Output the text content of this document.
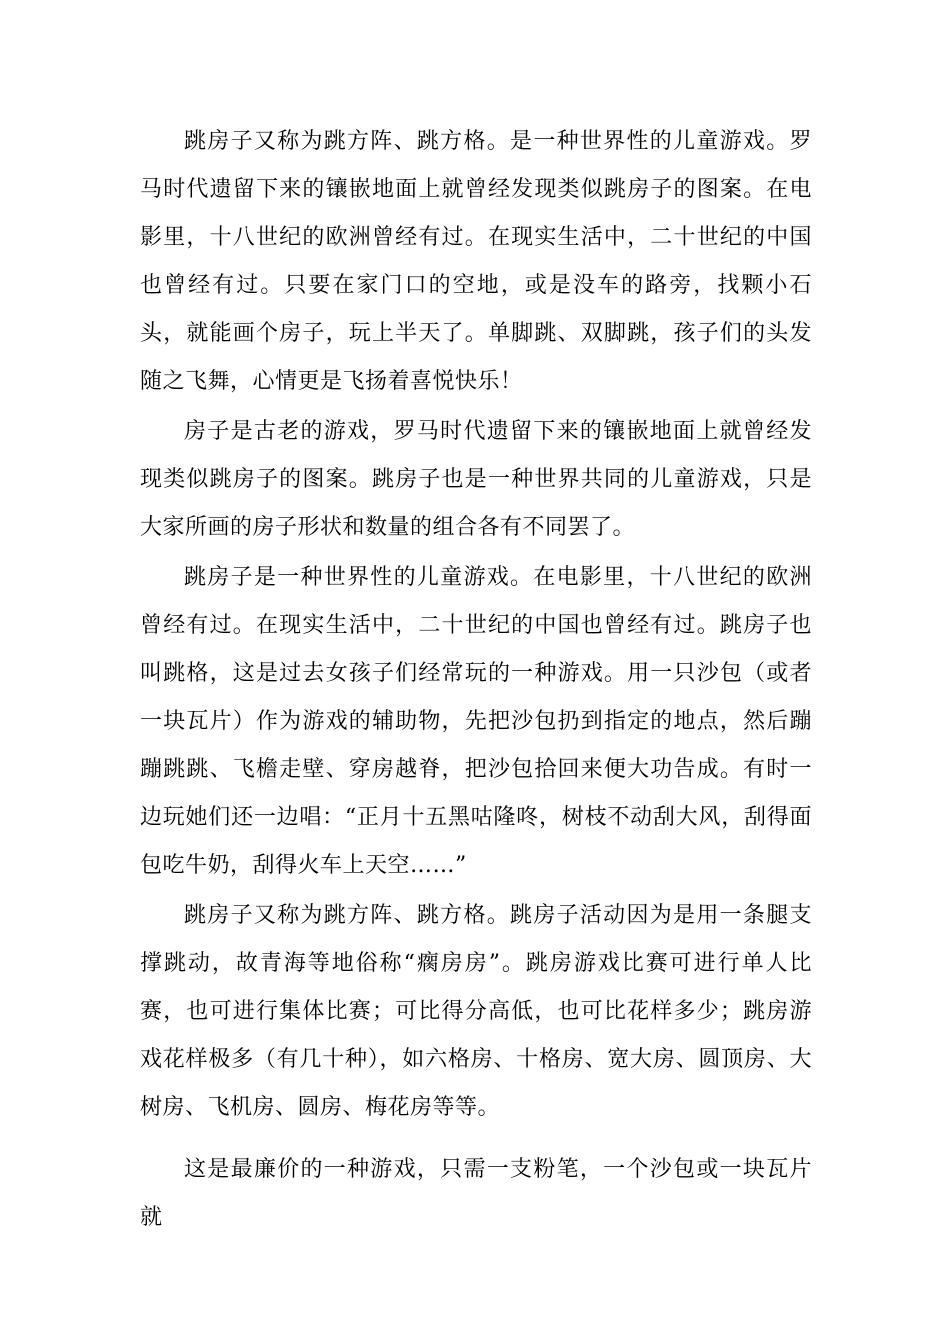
跳房子又称为跳方阵、跳方格。是一种世界性的儿童游戏。罗马时代遗留下来的镶嵌地面上就曾经发现类似跳房子的图案。在电影里，十八世纪的欧洲曾经有过。在现实生活中，二十世纪的中国也曾经有过。只要在家门口的空地，或是没车的路旁，找颗小石头，就能画个房子，玩上半天了。单脚跳、双脚跳，孩子们的头发随之飞舞，心情更是飞扬着喜悦快乐！

房子是古老的游戏，罗马时代遗留下来的镶嵌地面上就曾经发现类似跳房子的图案。跳房子也是一种世界共同的儿童游戏，只是大家所画的房子形状和数量的组合各有不同罢了。

跳房子是一种世界性的儿童游戏。在电影里，十八世纪的欧洲曾经有过。在现实生活中，二十世纪的中国也曾经有过。跳房子也叫跳格，这是过去女孩子们经常玩的一种游戏。用一只沙包（或者一块瓦片）作为游戏的辅助物，先把沙包扔到指定的地点，然后蹦蹦跳跳、飞檐走壁、穿房越脊，把沙包拾回来便大功告成。有时一边玩她们还一边唱：“正月十五黑咕隆咚，树枝不动刮大风，刮得面包吃牛奶，刮得火车上天空……”

跳房子又称为跳方阵、跳方格。跳房子活动因为是用一条腿支撑跳动，故青海等地俗称“瘸房房”。跳房游戏比赛可进行单人比赛，也可进行集体比赛；可比得分高低，也可比花样多少；跳房游戏花样极多（有几十种），如六格房、十格房、宽大房、圆顶房、大树房、飞机房、圆房、梅花房等等。

这是最廉价的一种游戏，只需一支粉笔，一个沙包或一块瓦片就
